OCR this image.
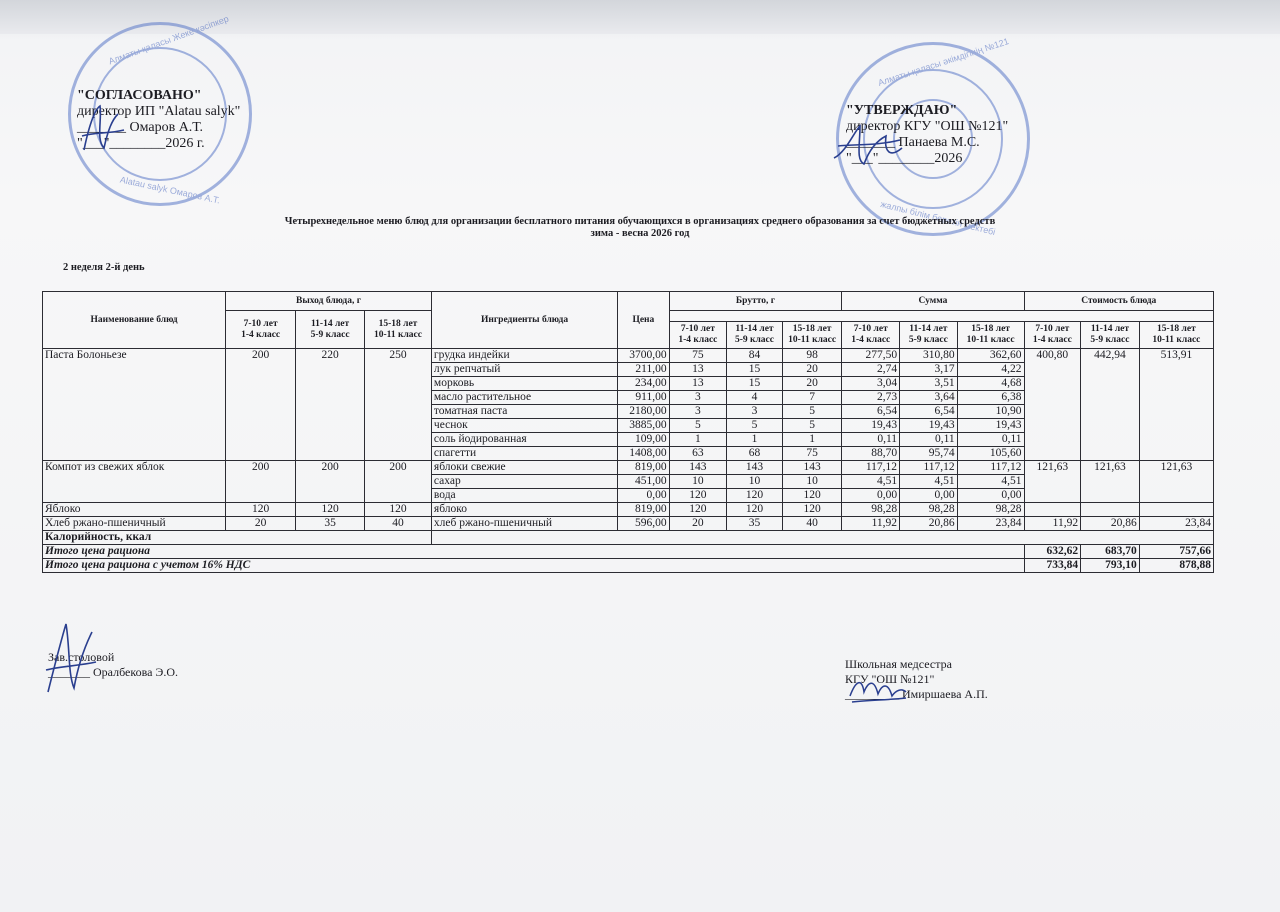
Алматы қаласы Жеке кәсіпкер
Alatau salyk Омаров А.Т.
"СОГЛАСОВАНО"
директор ИП "Alatau salyk"
_______ Омаров А.Т.
"___"________2026 г.
Алматы қаласы әкімдігінің №121
жалпы білім беретін мектебі
"УТВЕРЖДАЮ"
директор КГУ "ОШ №121"
_______ Панаева М.С.
"___"________2026
Четырехнедельное меню блюд для организации бесплатного питания обучающихся в организациях среднего образования за счет бюджетных средств
зима - весна 2026 год
2 неделя 2-й день
Наименование блюд	Выход блюда, г			Ингредиенты блюда	Цена	Брутто, г			Сумма			Стоимость блюда		
	7-10 лет
1-4 класс	11-14 лет
5-9 класс	15-18 лет
10-11 класс											
						7-10 лет
1-4 класс	11-14 лет
5-9 класс	15-18 лет
10-11 класс	7-10 лет
1-4 класс	11-14 лет
5-9 класс	15-18 лет
10-11 класс	7-10 лет
1-4 класс	11-14 лет
5-9 класс	15-18 лет
10-11 класс
Паста Болоньезе	200	220	250	грудка индейки	3700,00	75	84	98	277,50	310,80	362,60	400,80	442,94	513,91
				лук репчатый	211,00	13	15	20	2,74	3,17	4,22			
				морковь	234,00	13	15	20	3,04	3,51	4,68			
				масло растительное	911,00	3	4	7	2,73	3,64	6,38			
				томатная паста	2180,00	3	3	5	6,54	6,54	10,90			
				чеснок	3885,00	5	5	5	19,43	19,43	19,43			
				соль йодированная	109,00	1	1	1	0,11	0,11	0,11			
				спагетти	1408,00	63	68	75	88,70	95,74	105,60			
Компот из свежих яблок	200	200	200	яблоки свежие	819,00	143	143	143	117,12	117,12	117,12	121,63	121,63	121,63
				сахар	451,00	10	10	10	4,51	4,51	4,51			
				вода	0,00	120	120	120	0,00	0,00	0,00			
Яблоко	120	120	120	яблоко	819,00	120	120	120	98,28	98,28	98,28			
Хлеб ржано-пшеничный	20	35	40	хлеб ржано-пшеничный	596,00	20	35	40	11,92	20,86	23,84	11,92	20,86	23,84
Калорийность, ккал														
Итого цена рациона												632,62	683,70	757,66
Итого цена рациона с учетом 16% НДС												733,84	793,10	878,88
Зав.столовой
_______ Оралбекова Э.О.
Школьная медсестра
КГУ "ОШ №121"
_________ Имиршаева А.П.
